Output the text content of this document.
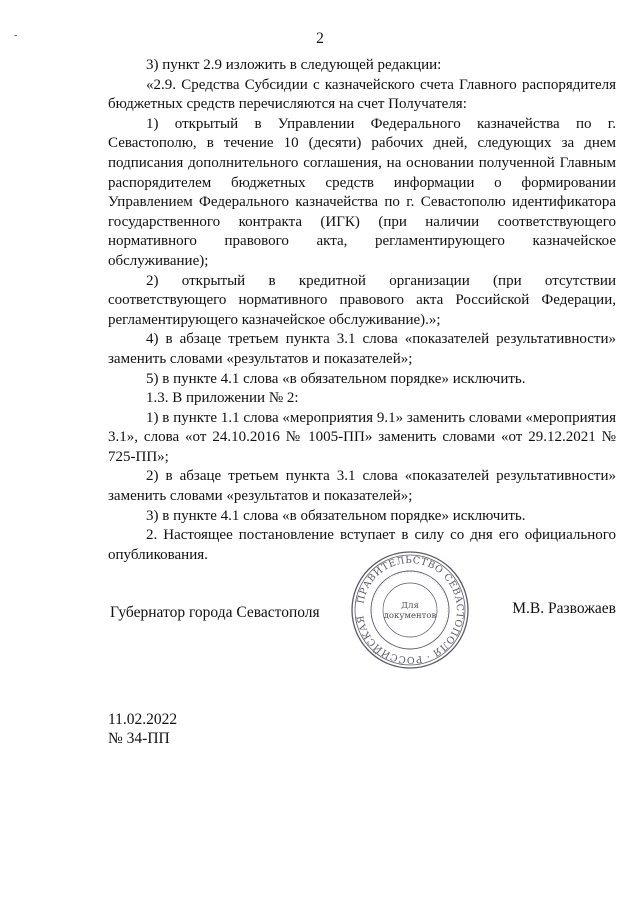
-	2

3) пункт 2.9 изложить в следующей редакции:

«2.9. Средства Субсидии с казначейского счета Главного распорядителя бюджетных средств перечисляются на счет Получателя:

1) открытый в Управлении Федерального казначейства по г. Севастополю, в течение 10 (десяти) рабочих дней, следующих за днем подписания дополнительного соглашения, на основании полученной Главным распорядителем бюджетных средств информации о формировании Управлением Федерального казначейства по г. Севастополю идентификатора государственного контракта (ИГК) (при наличии соответствующего нормативного правового акта, регламентирующего казначейское обслуживание);

2) открытый в кредитной организации (при отсутствии соответствующего нормативного правового акта Российской Федерации, регламентирующего казначейское обслуживание).»;

4) в абзаце третьем пункта 3.1 слова «показателей результативности» заменить словами «результатов и показателей»;

5) в пункте 4.1 слова «в обязательном порядке» исключить.

1.3. В приложении № 2:

1) в пункте 1.1 слова «мероприятия 9.1» заменить словами «мероприятия 3.1», слова «от 24.10.2016 № 1005-ПП» заменить словами «от 29.12.2021 № 725-ПП»;

2) в абзаце третьем пункта 3.1 слова «показателей результативности» заменить словами «результатов и показателей»;

3) в пункте 4.1 слова «в обязательном порядке» исключить.

2. Настоящее постановление вступает в силу со дня его официального опубликования.

ПРАВИТЕЛЬСТВО СЕВАСТОПОЛЯ · РОССИЙСКАЯ
· · · · · · · · · · · · · · · · · · · · · · · · · · · · · · · · · · · · · · · · · ·
Для
документов
Губернатор города Севастополя	М.В. Развожаев
11.02.2022
№ 34-ПП
